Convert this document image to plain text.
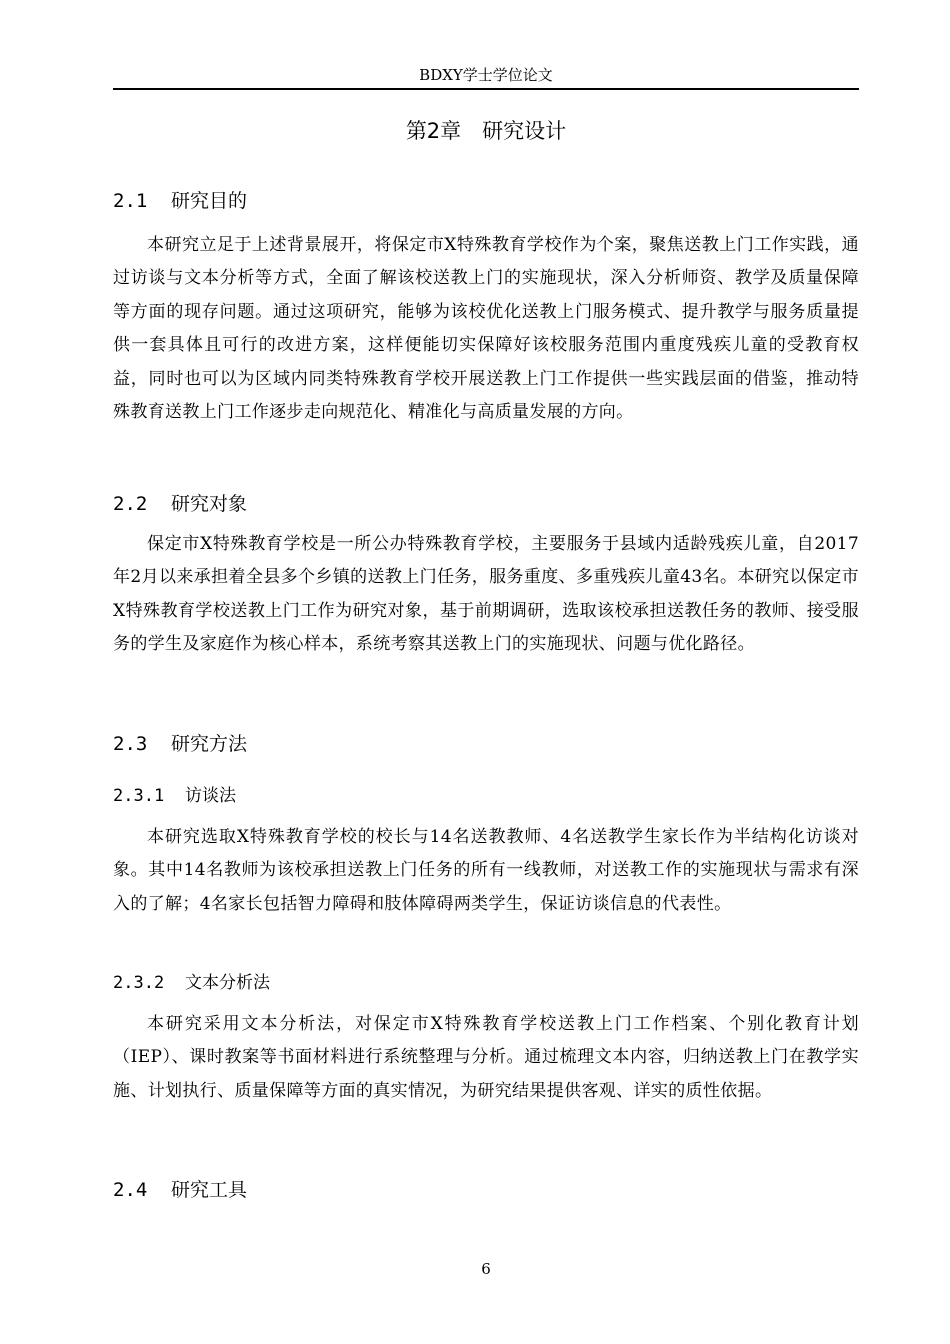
BDXY学士学位论文
第2章　研究设计
2.1 研究目的

本研究立足于上述背景展开，将保定市X特殊教育学校作为个案，聚焦送教上门工作实践，通过访谈与文本分析等方式，全面了解该校送教上门的实施现状，深入分析师资、教学及质量保障等方面的现存问题。通过这项研究，能够为该校优化送教上门服务模式、提升教学与服务质量提供一套具体且可行的改进方案，这样便能切实保障好该校服务范围内重度残疾儿童的受教育权益，同时也可以为区域内同类特殊教育学校开展送教上门工作提供一些实践层面的借鉴，推动特殊教育送教上门工作逐步走向规范化、精准化与高质量发展的方向。

2.2 研究对象

保定市X特殊教育学校是一所公办特殊教育学校，主要服务于县域内适龄残疾儿童，自2017年2月以来承担着全县多个乡镇的送教上门任务，服务重度、多重残疾儿童43名。本研究以保定市X特殊教育学校送教上门工作为研究对象，基于前期调研，选取该校承担送教任务的教师、接受服务的学生及家庭作为核心样本，系统考察其送教上门的实施现状、问题与优化路径。

2.3 研究方法
2.3.1 访谈法

本研究选取X特殊教育学校的校长与14名送教教师、4名送教学生家长作为半结构化访谈对象。其中14名教师为该校承担送教上门任务的所有一线教师，对送教工作的实施现状与需求有深入的了解；4名家长包括智力障碍和肢体障碍两类学生，保证访谈信息的代表性。

2.3.2 文本分析法

本研究采用文本分析法，对保定市X特殊教育学校送教上门工作档案、个别化教育计划（IEP）、课时教案等书面材料进行系统整理与分析。通过梳理文本内容，归纳送教上门在教学实施、计划执行、质量保障等方面的真实情况，为研究结果提供客观、详实的质性依据。

2.4 研究工具
6
